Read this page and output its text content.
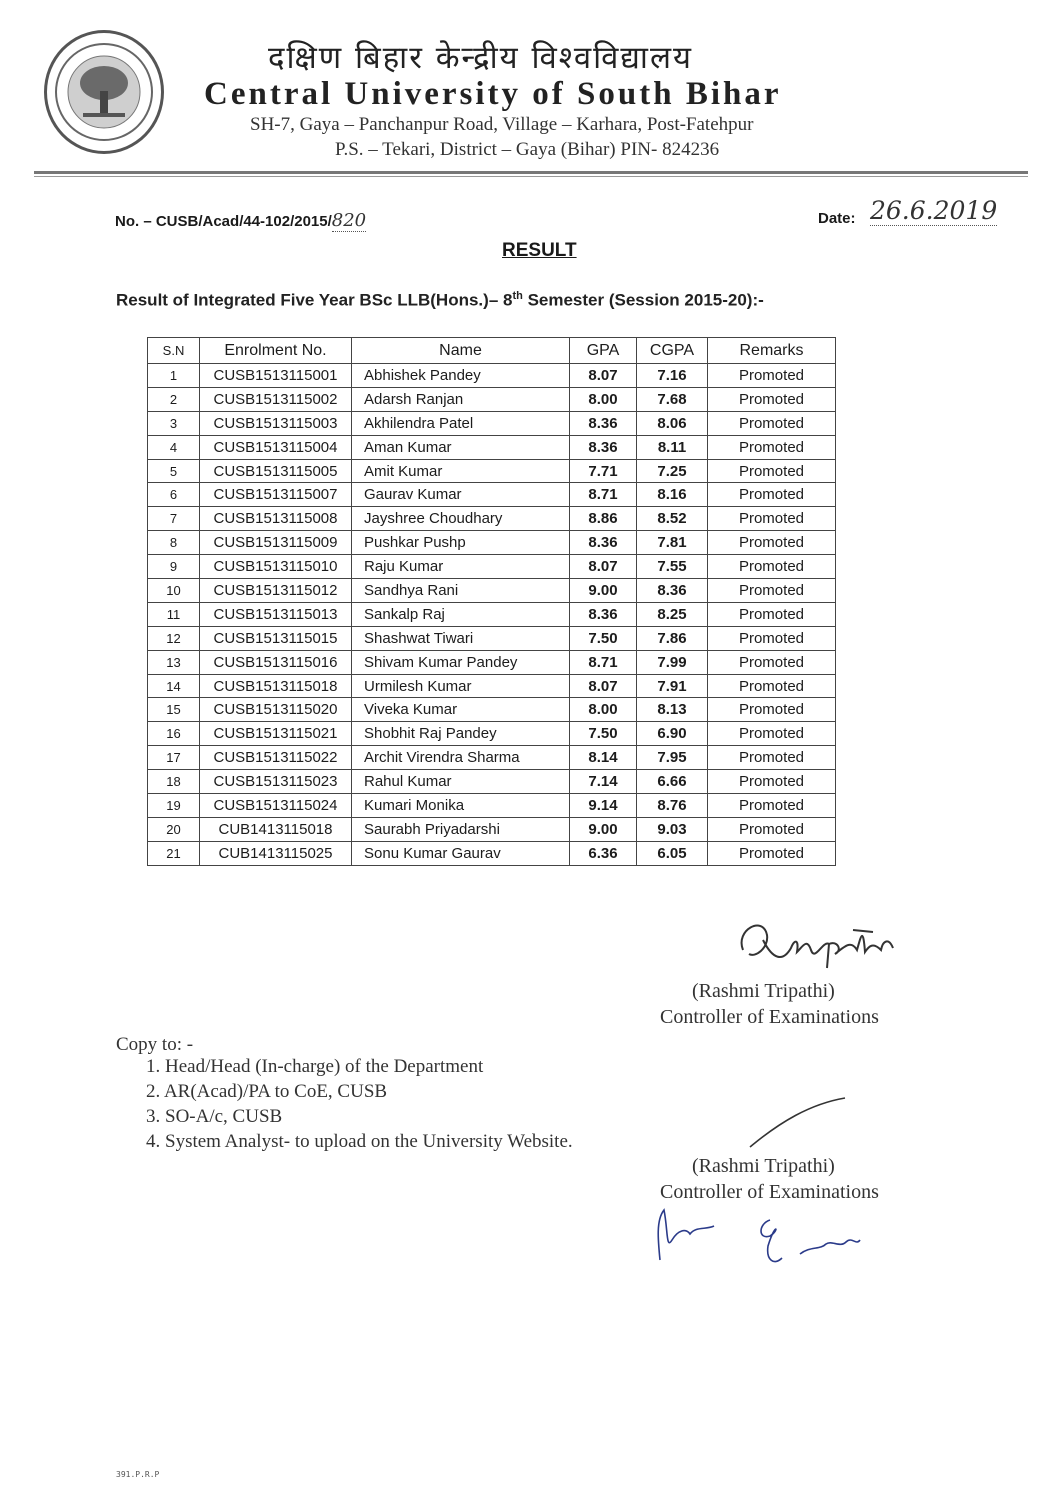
दक्षिण बिहार केन्द्रीय विश्वविद्यालय
Central University of South Bihar
SH-7, Gaya – Panchanpur Road, Village – Karhara, Post-Fatehpur
P.S. – Tekari, District – Gaya (Bihar) PIN- 824236
No. – CUSB/Acad/44-102/2015/820	Date: 26.6.2019
RESULT
Result of Integrated Five Year BSc LLB(Hons.)– 8th Semester (Session 2015-20):-
S.N	Enrolment No.	Name	GPA	CGPA	Remarks
1	CUSB1513115001	Abhishek Pandey	8.07	7.16	Promoted
2	CUSB1513115002	Adarsh Ranjan	8.00	7.68	Promoted
3	CUSB1513115003	Akhilendra Patel	8.36	8.06	Promoted
4	CUSB1513115004	Aman Kumar	8.36	8.11	Promoted
5	CUSB1513115005	Amit Kumar	7.71	7.25	Promoted
6	CUSB1513115007	Gaurav Kumar	8.71	8.16	Promoted
7	CUSB1513115008	Jayshree Choudhary	8.86	8.52	Promoted
8	CUSB1513115009	Pushkar Pushp	8.36	7.81	Promoted
9	CUSB1513115010	Raju Kumar	8.07	7.55	Promoted
10	CUSB1513115012	Sandhya Rani	9.00	8.36	Promoted
11	CUSB1513115013	Sankalp Raj	8.36	8.25	Promoted
12	CUSB1513115015	Shashwat Tiwari	7.50	7.86	Promoted
13	CUSB1513115016	Shivam Kumar Pandey	8.71	7.99	Promoted
14	CUSB1513115018	Urmilesh Kumar	8.07	7.91	Promoted
15	CUSB1513115020	Viveka Kumar	8.00	8.13	Promoted
16	CUSB1513115021	Shobhit Raj Pandey	7.50	6.90	Promoted
17	CUSB1513115022	Archit Virendra Sharma	8.14	7.95	Promoted
18	CUSB1513115023	Rahul Kumar	7.14	6.66	Promoted
19	CUSB1513115024	Kumari Monika	9.14	8.76	Promoted
20	CUB1413115018	Saurabh Priyadarshi	9.00	9.03	Promoted
21	CUB1413115025	Sonu Kumar Gaurav	6.36	6.05	Promoted
(Rashmi Tripathi)
Controller of Examinations
Copy to: -
1. Head/Head (In-charge) of the Department
2. AR(Acad)/PA to CoE, CUSB
3. SO-A/c, CUSB
4. System Analyst- to upload on the University Website.
(Rashmi Tripathi)
Controller of Examinations
391.P.R.P
